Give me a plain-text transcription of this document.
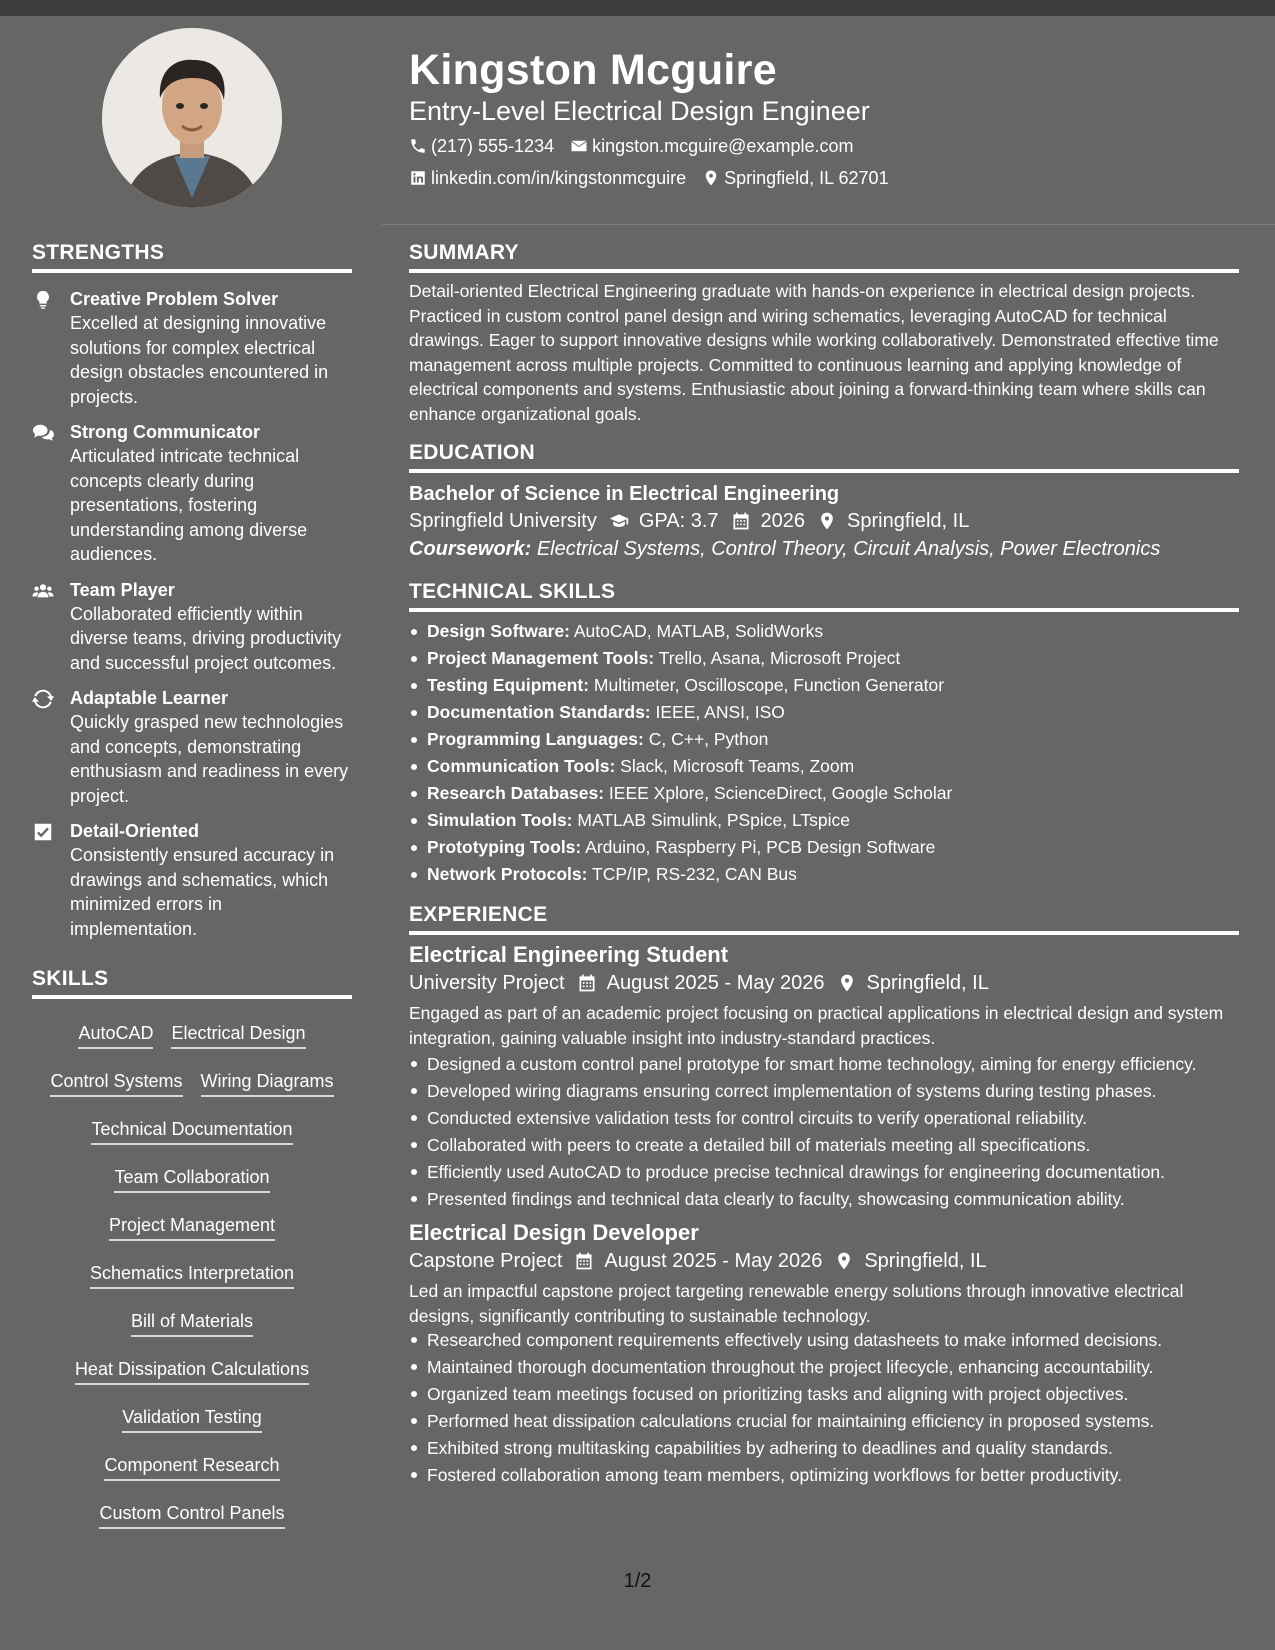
Kingston Mcguire
Entry-Level Electrical Design Engineer
(217) 555-1234 kingston.mcguire@example.com
linkedin.com/in/kingstonmcguire Springfield, IL 62701
STRENGTHS
Creative Problem Solver
Excelled at designing innovative solutions for complex electrical design obstacles encountered in projects.
Strong Communicator
Articulated intricate technical concepts clearly during presentations, fostering understanding among diverse audiences.
Team Player
Collaborated efficiently within diverse teams, driving productivity and successful project outcomes.
Adaptable Learner
Quickly grasped new technologies and concepts, demonstrating enthusiasm and readiness in every project.
Detail-Oriented
Consistently ensured accuracy in drawings and schematics, which minimized errors in implementation.
SKILLS
AutoCAD Electrical Design
Control Systems Wiring Diagrams
Technical Documentation
Team Collaboration
Project Management
Schematics Interpretation
Bill of Materials
Heat Dissipation Calculations
Validation Testing
Component Research
Custom Control Panels
SUMMARY

Detail-oriented Electrical Engineering graduate with hands-on experience in electrical design projects. Practiced in custom control panel design and wiring schematics, leveraging AutoCAD for technical drawings. Eager to support innovative designs while working collaboratively. Demonstrated effective time management across multiple projects. Committed to continuous learning and applying knowledge of electrical components and systems. Enthusiastic about joining a forward-thinking team where skills can enhance organizational goals.

EDUCATION
Bachelor of Science in Electrical Engineering
Springfield University GPA: 3.7 2026 Springfield, IL
Coursework: Electrical Systems, Control Theory, Circuit Analysis, Power Electronics
TECHNICAL SKILLS
Design Software: AutoCAD, MATLAB, SolidWorks
Project Management Tools: Trello, Asana, Microsoft Project
Testing Equipment: Multimeter, Oscilloscope, Function Generator
Documentation Standards: IEEE, ANSI, ISO
Programming Languages: C, C++, Python
Communication Tools: Slack, Microsoft Teams, Zoom
Research Databases: IEEE Xplore, ScienceDirect, Google Scholar
Simulation Tools: MATLAB Simulink, PSpice, LTspice
Prototyping Tools: Arduino, Raspberry Pi, PCB Design Software
Network Protocols: TCP/IP, RS-232, CAN Bus
EXPERIENCE
Electrical Engineering Student
University Project August 2025 - May 2026 Springfield, IL

Engaged as part of an academic project focusing on practical applications in electrical design and system integration, gaining valuable insight into industry-standard practices.

Designed a custom control panel prototype for smart home technology, aiming for energy efficiency.
Developed wiring diagrams ensuring correct implementation of systems during testing phases.
Conducted extensive validation tests for control circuits to verify operational reliability.
Collaborated with peers to create a detailed bill of materials meeting all specifications.
Efficiently used AutoCAD to produce precise technical drawings for engineering documentation.
Presented findings and technical data clearly to faculty, showcasing communication ability.
Electrical Design Developer
Capstone Project August 2025 - May 2026 Springfield, IL

Led an impactful capstone project targeting renewable energy solutions through innovative electrical designs, significantly contributing to sustainable technology.

Researched component requirements effectively using datasheets to make informed decisions.
Maintained thorough documentation throughout the project lifecycle, enhancing accountability.
Organized team meetings focused on prioritizing tasks and aligning with project objectives.
Performed heat dissipation calculations crucial for maintaining efficiency in proposed systems.
Exhibited strong multitasking capabilities by adhering to deadlines and quality standards.
Fostered collaboration among team members, optimizing workflows for better productivity.
1/2
